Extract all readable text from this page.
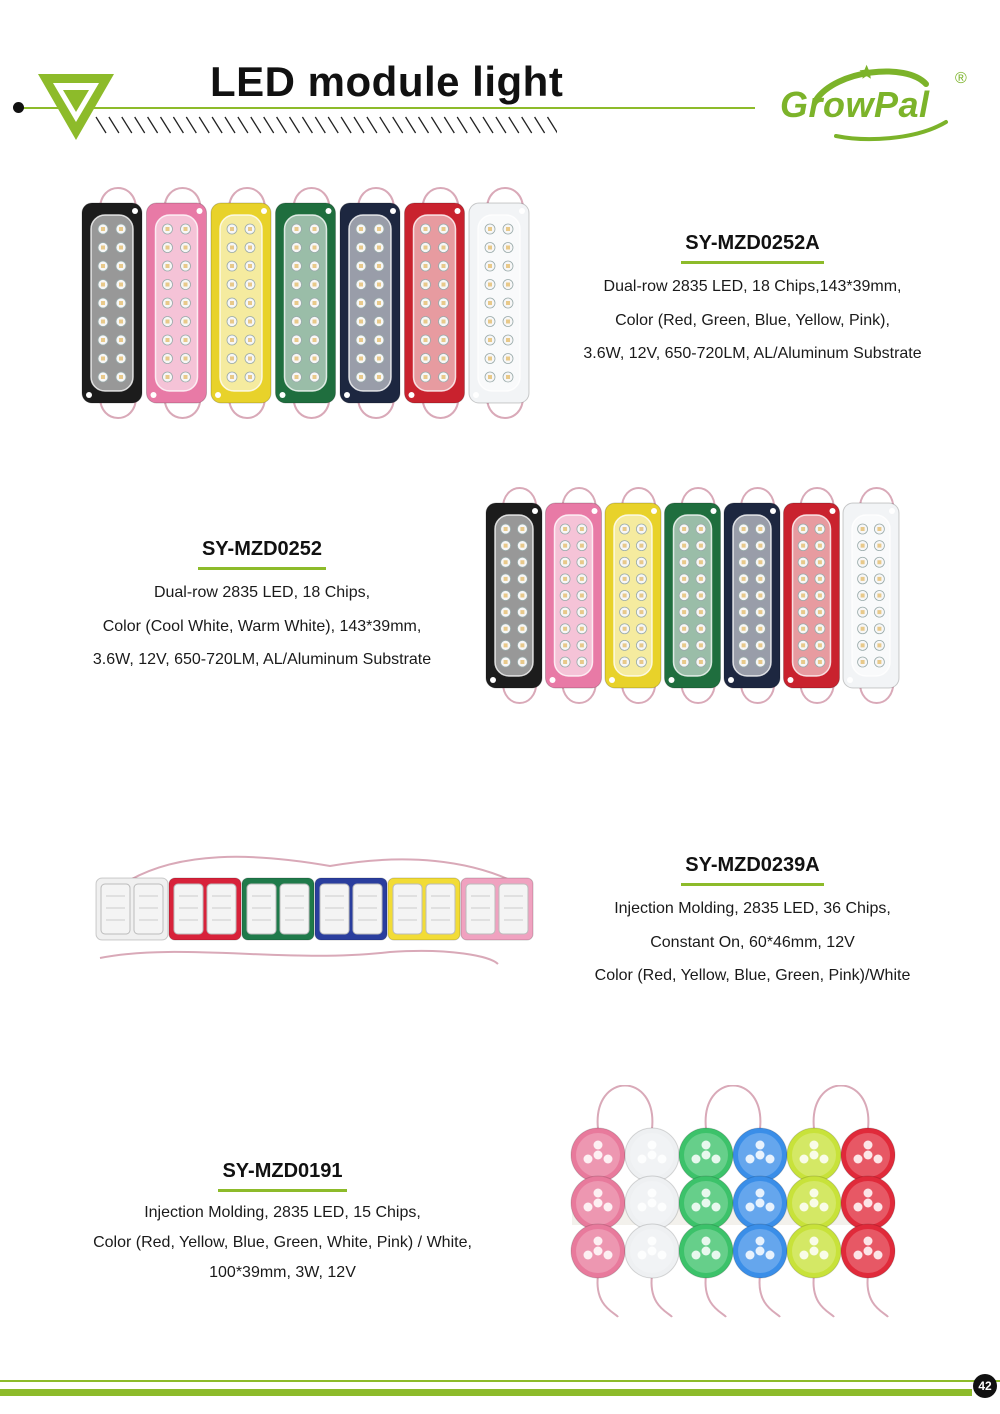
LED module light	GrowPal
®
SY-MZD0252A
Dual-row 2835 LED, 18 Chips,143*39mm,
Color (Red, Green, Blue, Yellow, Pink),
3.6W, 12V, 650-720LM, AL/Aluminum Substrate
SY-MZD0252
Dual-row 2835 LED, 18 Chips,
Color (Cool White, Warm White), 143*39mm,
3.6W, 12V, 650-720LM, AL/Aluminum Substrate
SY-MZD0239A
Injection Molding, 2835 LED, 36 Chips,
Constant On, 60*46mm, 12V
Color (Red, Yellow, Blue, Green, Pink)/White
SY-MZD0191
Injection Molding, 2835 LED, 15 Chips,
Color (Red, Yellow, Blue, Green, White, Pink) / White,
100*39mm, 3W, 12V
42
